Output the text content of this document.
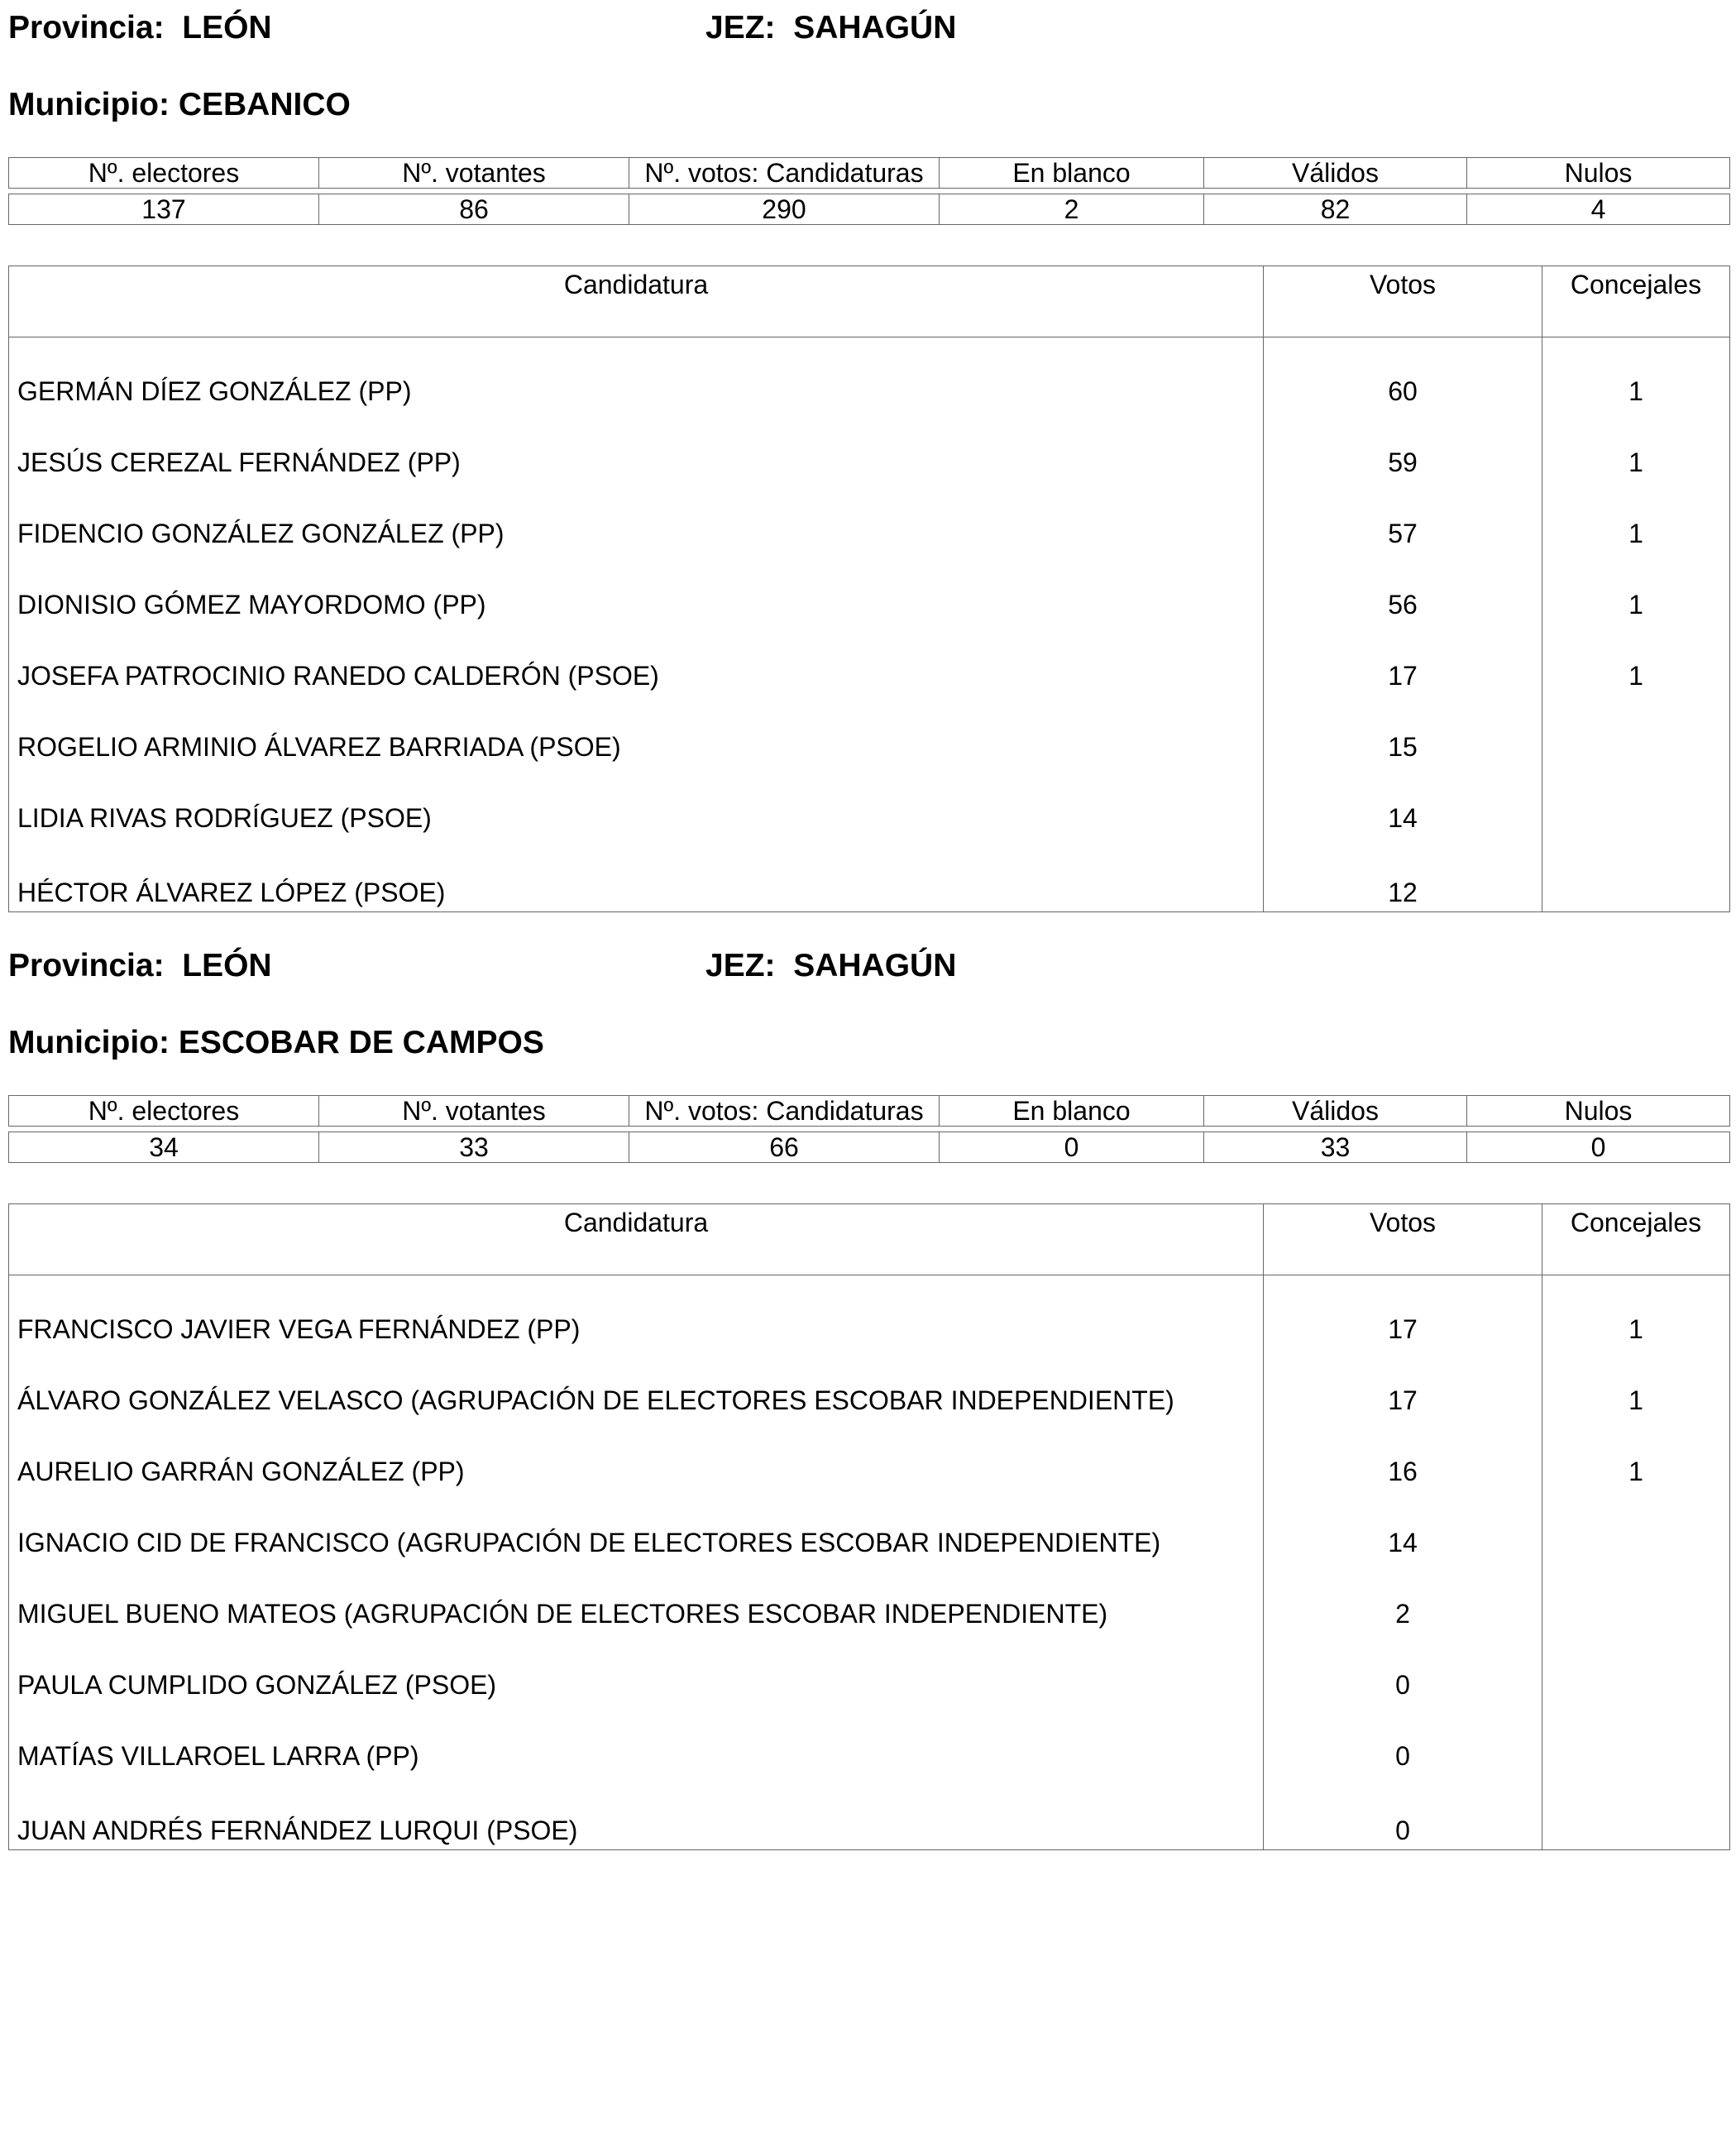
Provincia: LEÓN	JEZ: SAHAGÚN
Municipio: CEBANICO
Nº. electores	Nº. votantes	Nº. votos: Candidaturas	En blanco	Válidos	Nulos

137	86	290	2	82	4
Candidatura	Votos	Concejales

GERMÁN DÍEZ GONZÁLEZ (PP)	60	1
JESÚS CEREZAL FERNÁNDEZ (PP)	59	1
FIDENCIO GONZÁLEZ GONZÁLEZ (PP)	57	1
DIONISIO GÓMEZ MAYORDOMO (PP)	56	1
JOSEFA PATROCINIO RANEDO CALDERÓN (PSOE)	17	1
ROGELIO ARMINIO ÁLVAREZ BARRIADA (PSOE)	15	
LIDIA RIVAS RODRÍGUEZ (PSOE)	14	
HÉCTOR ÁLVAREZ LÓPEZ (PSOE)	12	
Provincia: LEÓN	JEZ: SAHAGÚN
Municipio: ESCOBAR DE CAMPOS
Nº. electores	Nº. votantes	Nº. votos: Candidaturas	En blanco	Válidos	Nulos

34	33	66	0	33	0
Candidatura	Votos	Concejales

FRANCISCO JAVIER VEGA FERNÁNDEZ (PP)	17	1
ÁLVARO GONZÁLEZ VELASCO (AGRUPACIÓN DE ELECTORES ESCOBAR INDEPENDIENTE)	17	1
AURELIO GARRÁN GONZÁLEZ (PP)	16	1
IGNACIO CID DE FRANCISCO (AGRUPACIÓN DE ELECTORES ESCOBAR INDEPENDIENTE)	14	
MIGUEL BUENO MATEOS (AGRUPACIÓN DE ELECTORES ESCOBAR INDEPENDIENTE)	2	
PAULA CUMPLIDO GONZÁLEZ (PSOE)	0	
MATÍAS VILLAROEL LARRA (PP)	0	
JUAN ANDRÉS FERNÁNDEZ LURQUI (PSOE)	0	
